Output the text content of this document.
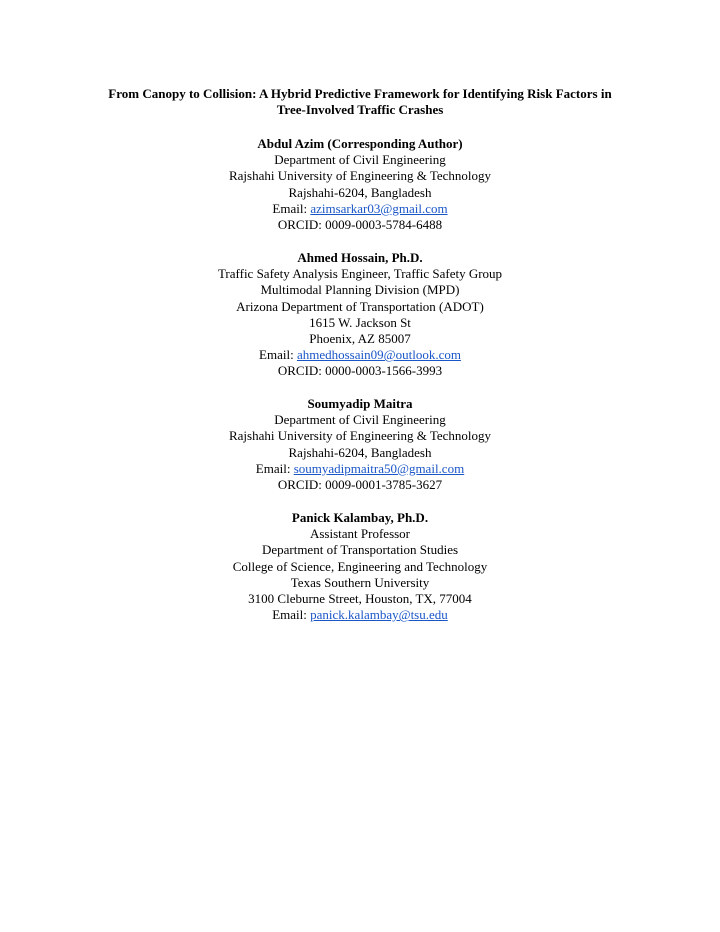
From Canopy to Collision: A Hybrid Predictive Framework for Identifying Risk Factors in
Tree-Involved Traffic Crashes
Abdul Azim (Corresponding Author)
Department of Civil Engineering
Rajshahi University of Engineering & Technology
Rajshahi-6204, Bangladesh
Email: azimsarkar03@gmail.com
ORCID: 0009-0003-5784-6488
Ahmed Hossain, Ph.D.
Traffic Safety Analysis Engineer, Traffic Safety Group
Multimodal Planning Division (MPD)
Arizona Department of Transportation (ADOT)
1615 W. Jackson St
Phoenix, AZ 85007
Email: ahmedhossain09@outlook.com
ORCID: 0000-0003-1566-3993
Soumyadip Maitra
Department of Civil Engineering
Rajshahi University of Engineering & Technology
Rajshahi-6204, Bangladesh
Email: soumyadipmaitra50@gmail.com
ORCID: 0009-0001-3785-3627
Panick Kalambay, Ph.D.
Assistant Professor
Department of Transportation Studies
College of Science, Engineering and Technology
Texas Southern University
3100 Cleburne Street, Houston, TX, 77004
Email: panick.kalambay@tsu.edu
